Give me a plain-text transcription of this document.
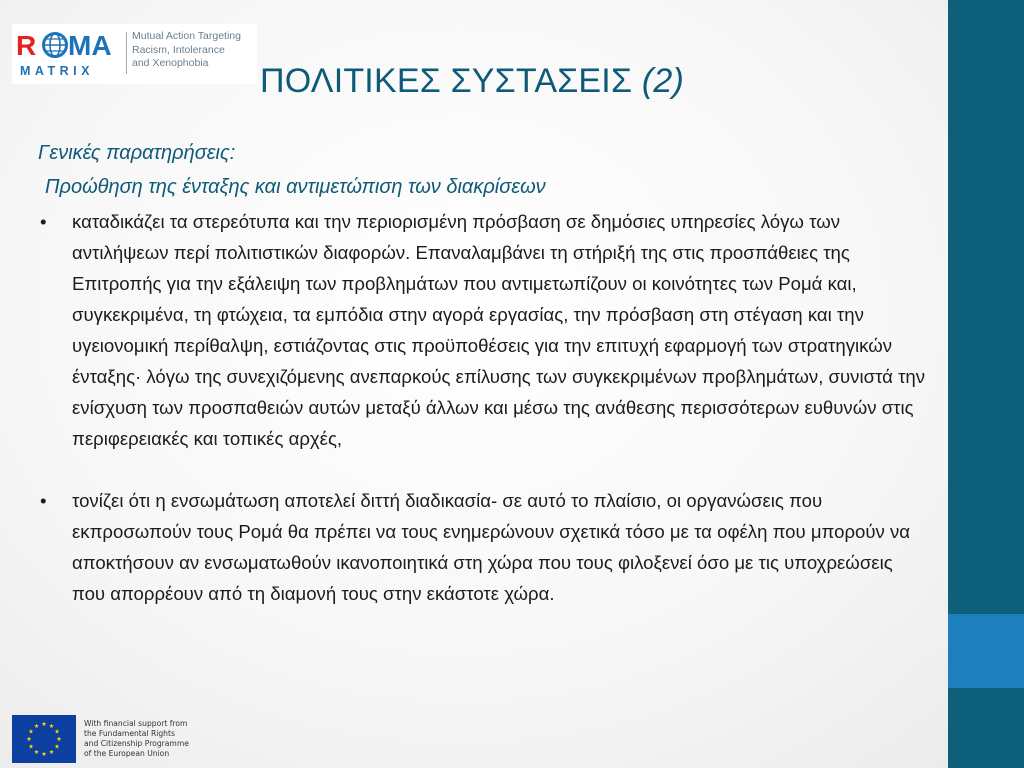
R MA
MATRIX
Mutual Action Targeting
Racism, Intolerance
and Xenophobia	ΠΟΛΙΤΙΚΕΣ ΣΥΣΤΑΣΕΙΣ (2)
Γενικές παρατηρήσεις:
Προώθηση της ένταξης και αντιμετώπιση των διακρίσεων
•	καταδικάζει τα στερεότυπα και την περιορισμένη πρόσβαση σε δημόσιες υπηρεσίες λόγω των αντιλήψεων περί πολιτιστικών διαφορών. Επαναλαμβάνει τη στήριξή της στις προσπάθειες της Επιτροπής για την εξάλειψη των προβλημάτων που αντιμετωπίζουν οι κοινότητες των Ρομά και, συγκεκριμένα, τη φτώχεια, τα εμπόδια στην αγορά εργασίας, την πρόσβαση στη στέγαση και την υγειονομική περίθαλψη, εστιάζοντας στις προϋποθέσεις για την επιτυχή εφαρμογή των στρατηγικών ένταξης· λόγω της συνεχιζόμενης ανεπαρκούς επίλυσης των συγκεκριμένων προβλημάτων, συνιστά την ενίσχυση των προσπαθειών αυτών μεταξύ άλλων και μέσω της ανάθεσης περισσότερων ευθυνών στις περιφερειακές και τοπικές αρχές,
•	τονίζει ότι η ενσωμάτωση αποτελεί διττή διαδικασία- σε αυτό το πλαίσιο, οι οργανώσεις που εκπροσωπούν τους Ρομά θα πρέπει να τους ενημερώνουν σχετικά τόσο με τα οφέλη που μπορούν να αποκτήσουν αν ενσωματωθούν ικανοποιητικά στη χώρα που τους φιλοξενεί όσο με τις υποχρεώσεις που απορρέουν από τη διαμονή τους στην εκάστοτε χώρα.
With financial support from
the Fundamental Rights
and Citizenship Programme
of the European Union
